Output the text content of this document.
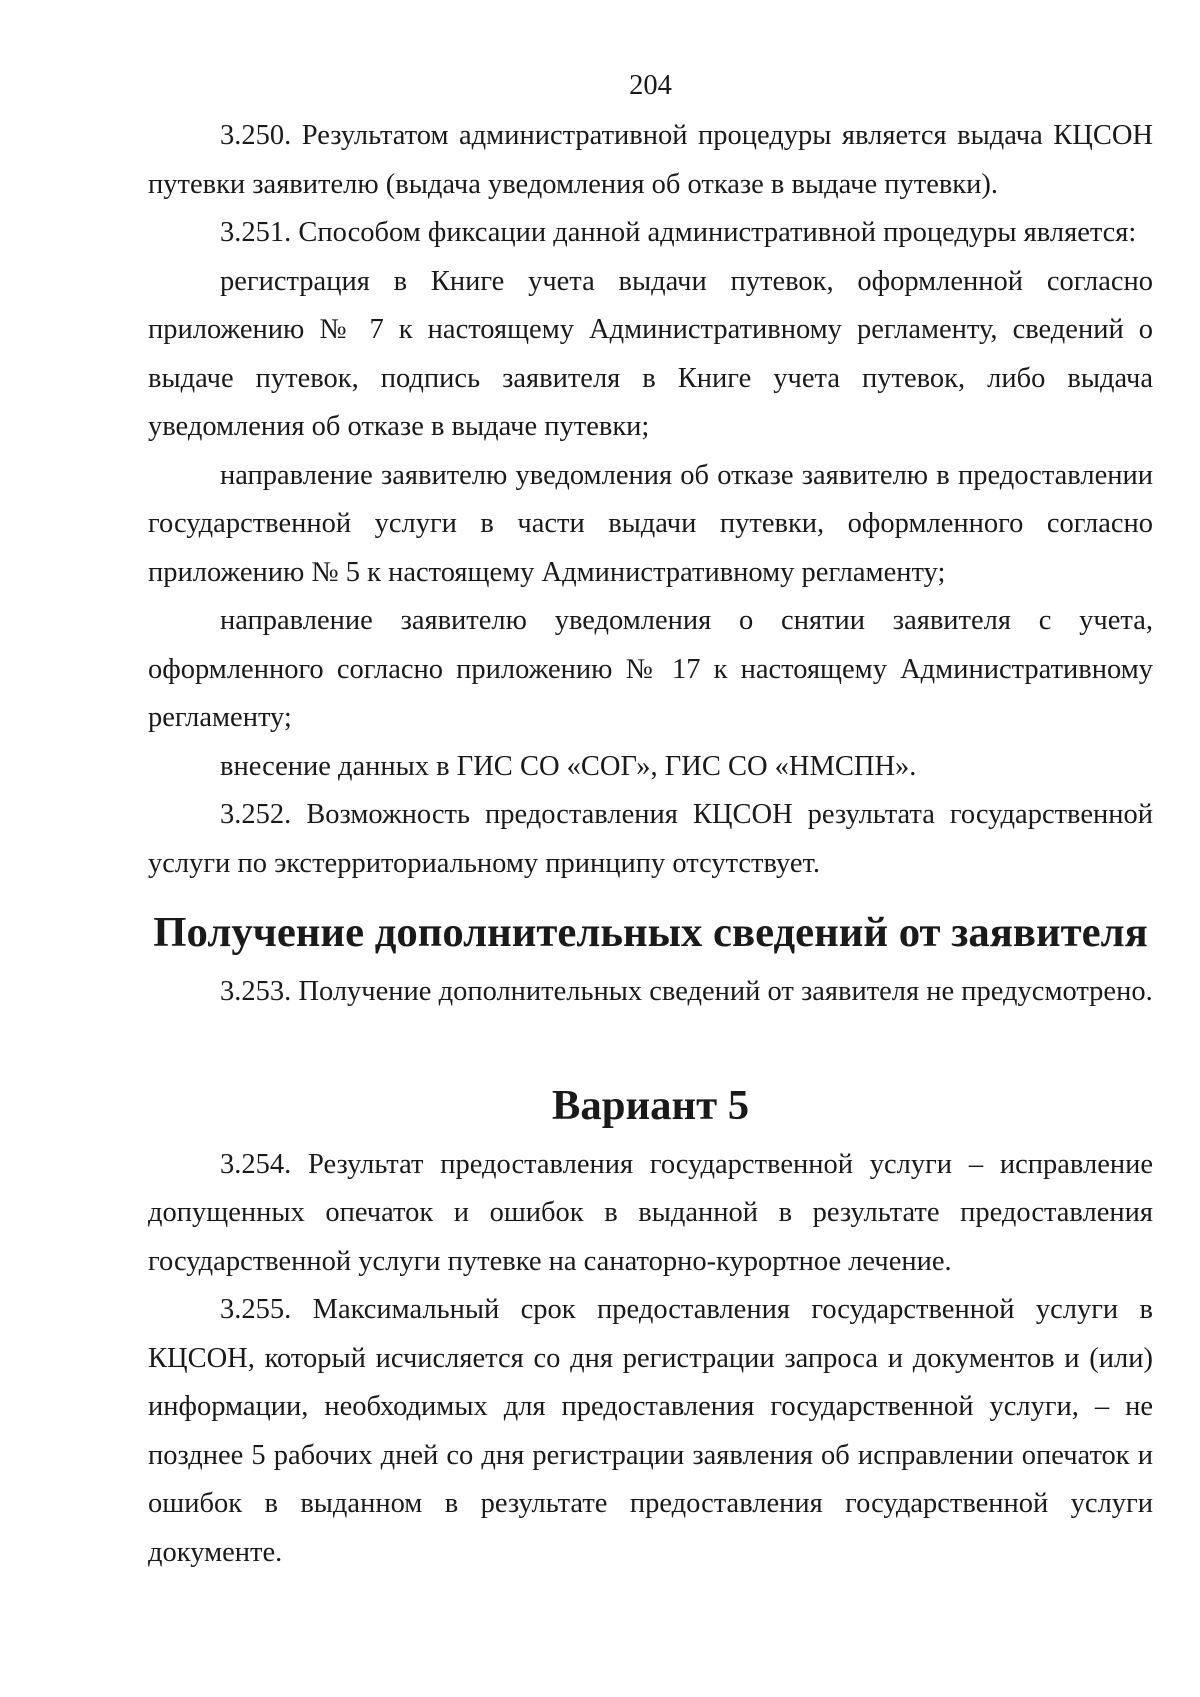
204

3.250. Результатом административной процедуры является выдача КЦСОН путевки заявителю (выдача уведомления об отказе в выдаче путевки).

3.251. Способом фиксации данной административной процедуры является:

регистрация в Книге учета выдачи путевок, оформленной согласно приложению № 7 к настоящему Административному регламенту, сведений о выдаче путевок, подпись заявителя в Книге учета путевок, либо выдача уведомления об отказе в выдаче путевки;

направление заявителю уведомления об отказе заявителю в предоставлении государственной услуги в части выдачи путевки, оформленного согласно приложению № 5 к настоящему Административному регламенту;

направление заявителю уведомления о снятии заявителя с учета, оформленного согласно приложению № 17 к настоящему Административному регламенту;

внесение данных в ГИС СО «СОГ», ГИС СО «НМСПН».

3.252. Возможность предоставления КЦСОН результата государственной услуги по экстерриториальному принципу отсутствует.

Получение дополнительных сведений от заявителя

3.253. Получение дополнительных сведений от заявителя не предусмотрено.

Вариант 5

3.254. Результат предоставления государственной услуги – исправление допущенных опечаток и ошибок в выданной в результате предоставления государственной услуги путевке на санаторно-курортное лечение.

3.255. Максимальный срок предоставления государственной услуги в КЦСОН, который исчисляется со дня регистрации запроса и документов и (или) информации, необходимых для предоставления государственной услуги, – не позднее 5 рабочих дней со дня регистрации заявления об исправлении опечаток и ошибок в выданном в результате предоставления государственной услуги документе.
